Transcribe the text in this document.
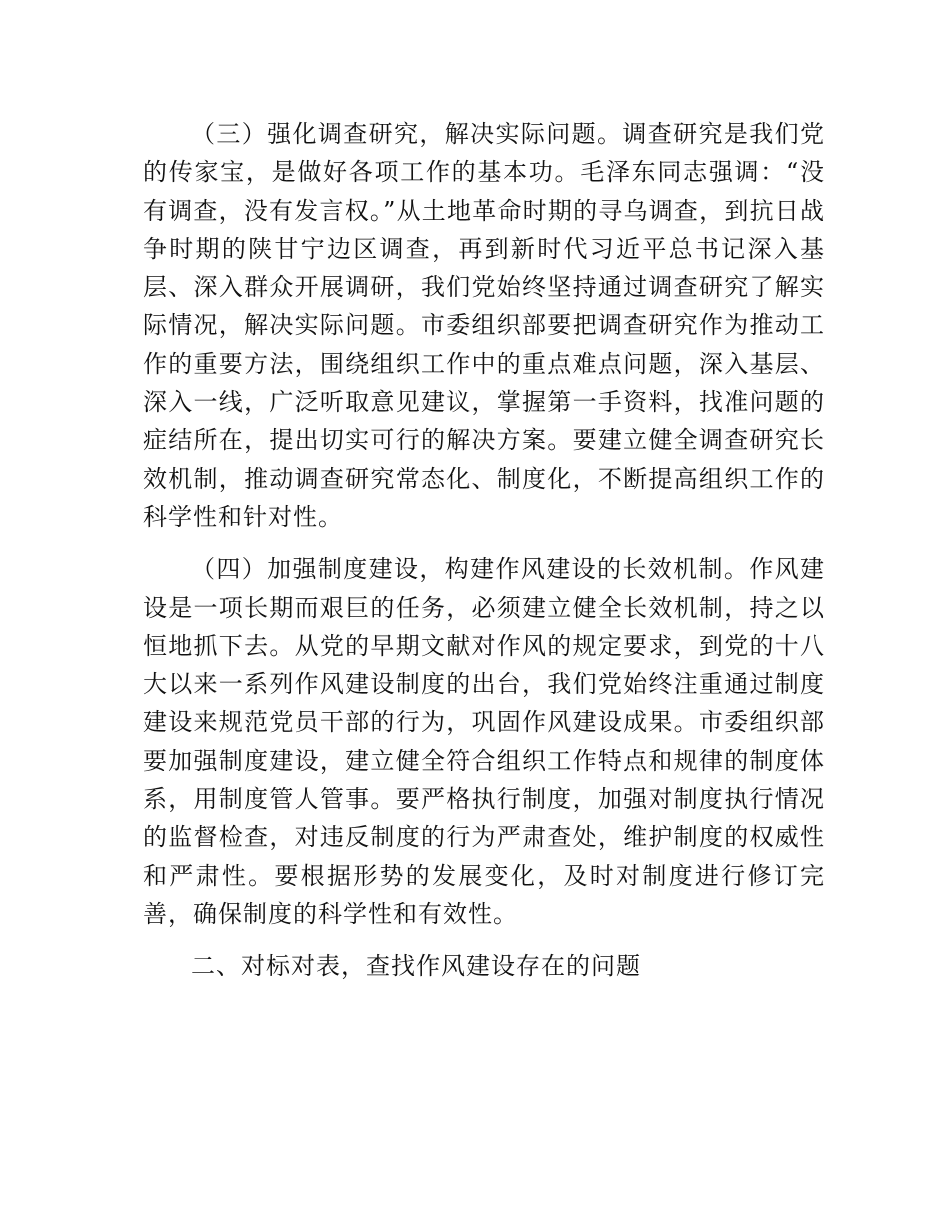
（三）强化调查研究，解决实际问题。调查研究是我们党的传家宝，是做好各项工作的基本功。毛泽东同志强调：“没有调查，没有发言权。”从土地革命时期的寻乌调查，到抗日战争时期的陕甘宁边区调查，再到新时代习近平总书记深入基层、深入群众开展调研，我们党始终坚持通过调查研究了解实际情况，解决实际问题。市委组织部要把调查研究作为推动工作的重要方法，围绕组织工作中的重点难点问题，深入基层、深入一线，广泛听取意见建议，掌握第一手资料，找准问题的症结所在，提出切实可行的解决方案。要建立健全调查研究长效机制，推动调查研究常态化、制度化，不断提高组织工作的科学性和针对性。

（四）加强制度建设，构建作风建设的长效机制。作风建设是一项长期而艰巨的任务，必须建立健全长效机制，持之以恒地抓下去。从党的早期文献对作风的规定要求，到党的十八大以来一系列作风建设制度的出台，我们党始终注重通过制度建设来规范党员干部的行为，巩固作风建设成果。市委组织部要加强制度建设，建立健全符合组织工作特点和规律的制度体系，用制度管人管事。要严格执行制度，加强对制度执行情况的监督检查，对违反制度的行为严肃查处，维护制度的权威性和严肃性。要根据形势的发展变化，及时对制度进行修订完善，确保制度的科学性和有效性。

二、对标对表，查找作风建设存在的问题
